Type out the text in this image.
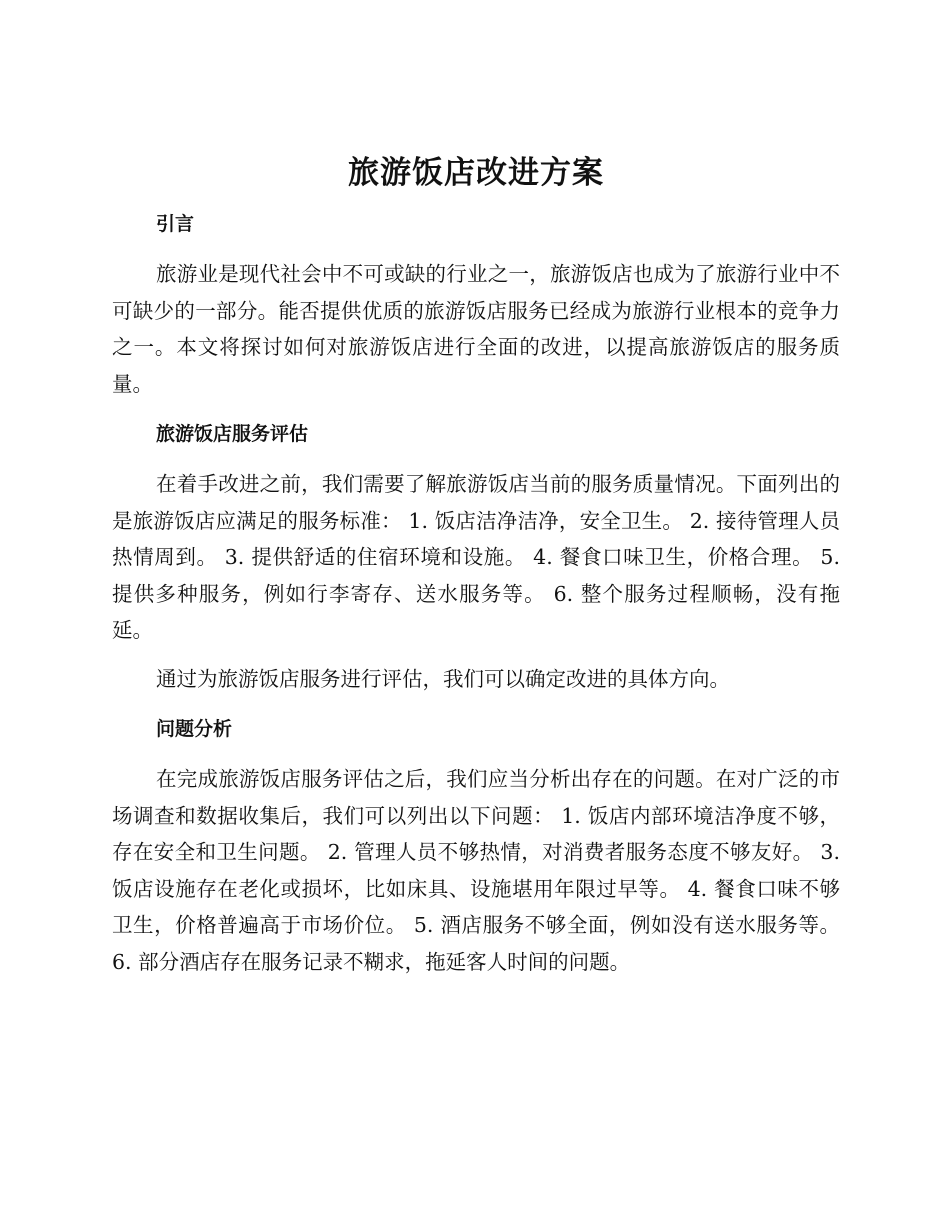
旅游饭店改进方案
引言

旅游业是现代社会中不可或缺的行业之一，旅游饭店也成为了旅游行业中不可缺少的一部分。能否提供优质的旅游饭店服务已经成为旅游行业根本的竞争力之一。本文将探讨如何对旅游饭店进行全面的改进，以提高旅游饭店的服务质量。

旅游饭店服务评估

在着手改进之前，我们需要了解旅游饭店当前的服务质量情况。下面列出的是旅游饭店应满足的服务标准： 1. 饭店洁净洁净，安全卫生。 2. 接待管理人员热情周到。 3. 提供舒适的住宿环境和设施。 4. 餐食口味卫生，价格合理。 5. 提供多种服务，例如行李寄存、送水服务等。 6. 整个服务过程顺畅，没有拖延。

通过为旅游饭店服务进行评估，我们可以确定改进的具体方向。

问题分析

在完成旅游饭店服务评估之后，我们应当分析出存在的问题。在对广泛的市场调查和数据收集后，我们可以列出以下问题： 1. 饭店内部环境洁净度不够，存在安全和卫生问题。 2. 管理人员不够热情，对消费者服务态度不够友好。 3. 饭店设施存在老化或损坏，比如床具、设施堪用年限过早等。 4. 餐食口味不够卫生，价格普遍高于市场价位。 5. 酒店服务不够全面，例如没有送水服务等。 6. 部分酒店存在服务记录不糊求，拖延客人时间的问题。
